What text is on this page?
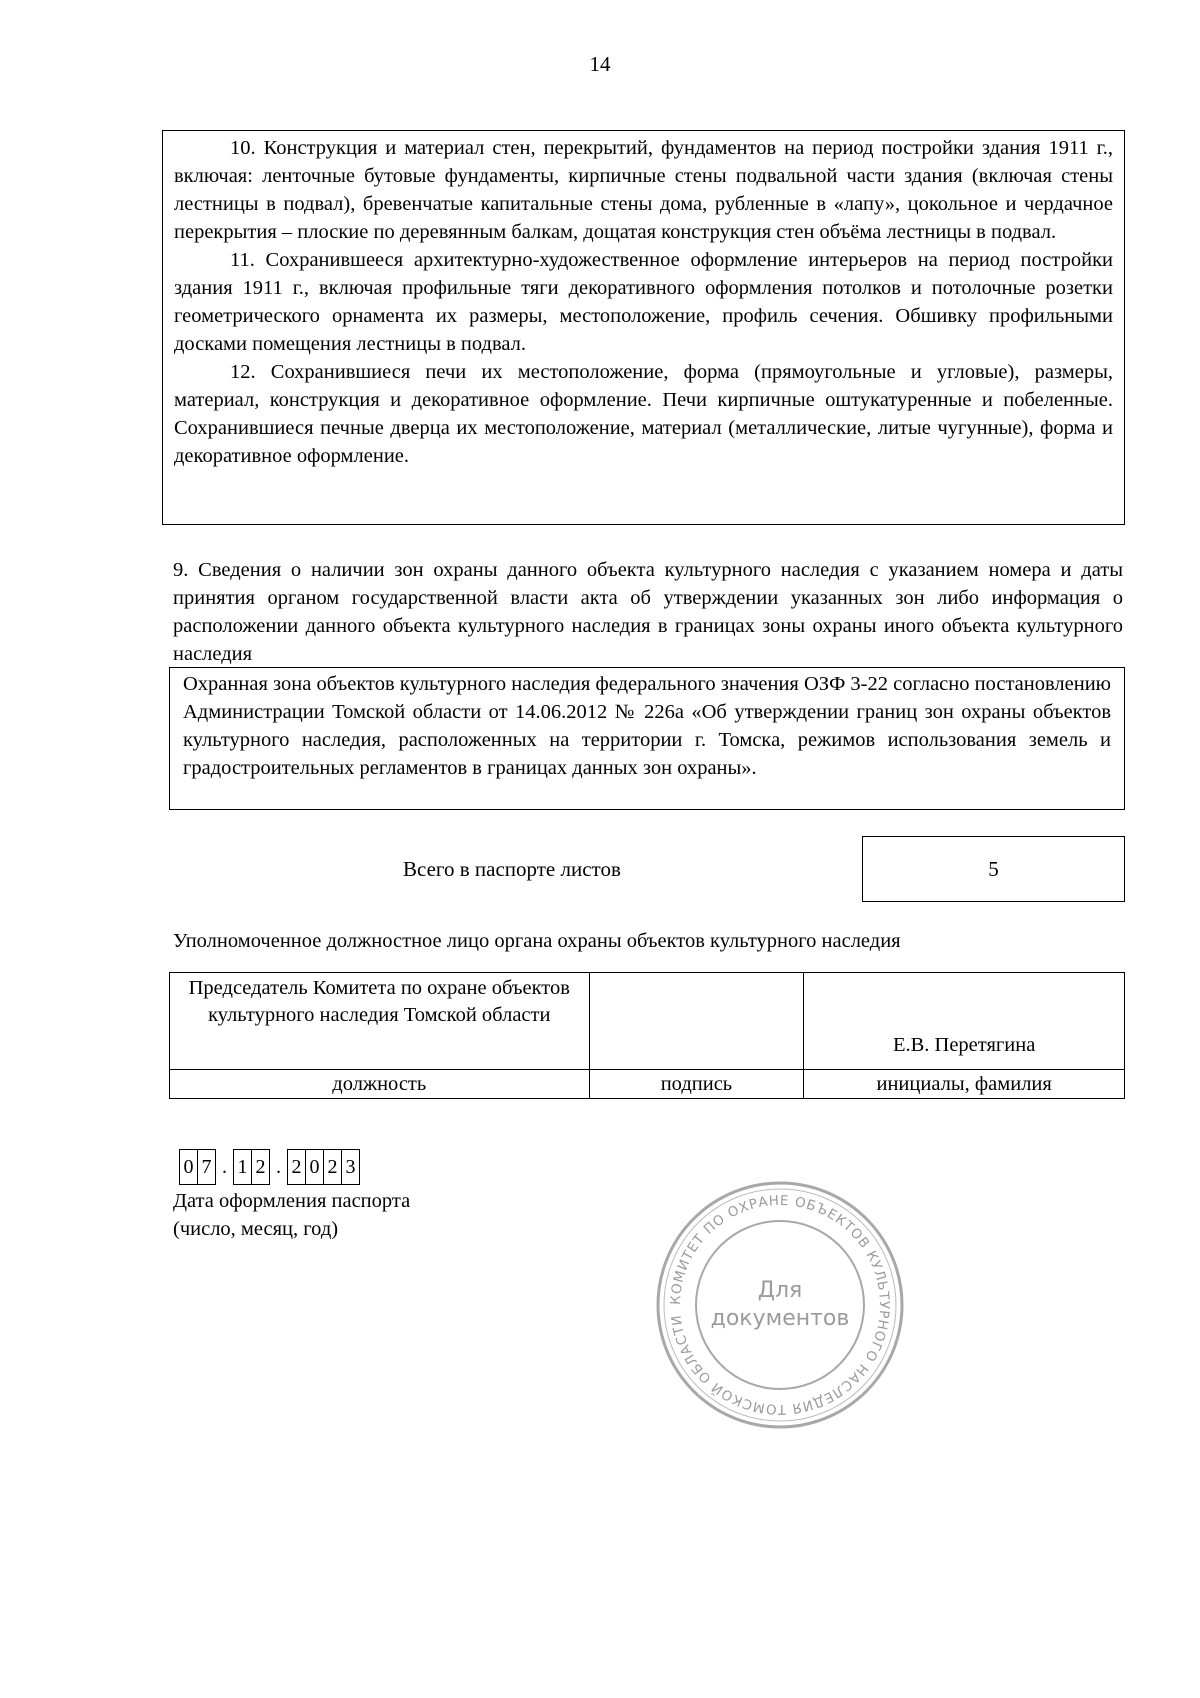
14

10. Конструкция и материал стен, перекрытий, фундаментов на период постройки здания 1911 г., включая: ленточные бутовые фундаменты, кирпичные стены подвальной части здания (включая стены лестницы в подвал), бревенчатые капитальные стены дома, рубленные в «лапу», цокольное и чердачное перекрытия – плоские по деревянным балкам, дощатая конструкция стен объёма лестницы в подвал.

11. Сохранившееся архитектурно-художественное оформление интерьеров на период постройки здания 1911 г., включая профильные тяги декоративного оформления потолков и потолочные розетки геометрического орнамента их размеры, местоположение, профиль сечения. Обшивку профильными досками помещения лестницы в подвал.

12. Сохранившиеся печи их местоположение, форма (прямоугольные и угловые), размеры, материал, конструкция и декоративное оформление. Печи кирпичные оштукатуренные и побеленные. Сохранившиеся печные дверца их местоположение, материал (металлические, литые чугунные), форма и декоративное оформление.

9. Сведения о наличии зон охраны данного объекта культурного наследия с указанием номера и даты принятия органом государственной власти акта об утверждении указанных зон либо информация о расположении данного объекта культурного наследия в границах зоны охраны иного объекта культурного наследия

Охранная зона объектов культурного наследия федерального значения ОЗФ 3-22 согласно постановлению Администрации Томской области от 14.06.2012 № 226а «Об утверждении границ зон охраны объектов культурного наследия, расположенных на территории г. Томска, режимов использования земель и градостроительных регламентов в границах данных зон охраны».

Всего в паспорте листов	5
Уполномоченное должностное лицо органа охраны объектов культурного наследия
Председатель Комитета по охране объектов культурного наследия Томской области		Е.В. Перетягина
должность	подпись	инициалы, фамилия
0 7 . 1 2 . 2 0 2 3
Дата оформления паспорта
(число, месяц, год)
КОМИТЕТ ПО ОХРАНЕ ОБЪЕКТОВ КУЛЬТУРНОГО НАСЛЕДИЯ ТОМСКОЙ ОБЛАСТИ
Для
документов
